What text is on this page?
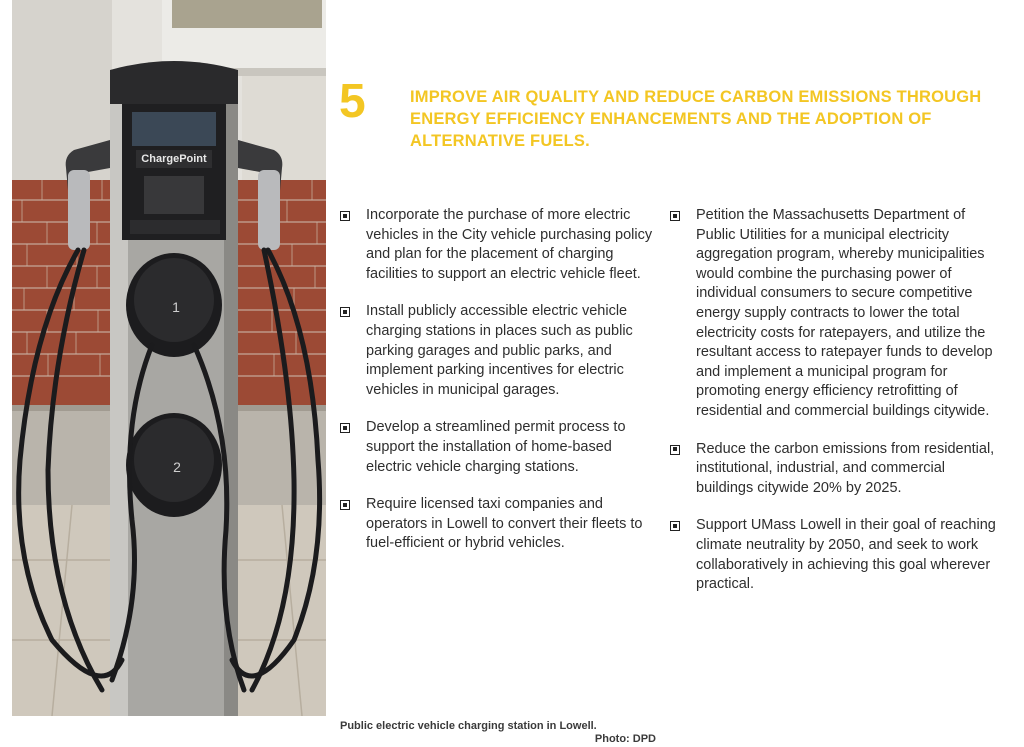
ChargePoint
1
2
Public electric vehicle charging station in Lowell.
Photo: DPD
5	IMPROVE AIR QUALITY AND REDUCE CARBON EMISSIONS THROUGH ENERGY EFFICIENCY ENHANCEMENTS AND THE ADOPTION OF ALTERNATIVE FUELS.
Incorporate the purchase of more electric vehicles in the City vehicle purchasing policy and plan for the placement of charging facilities to support an electric vehicle fleet.
Install publicly accessible electric vehicle charging stations in places such as public parking garages and public parks, and implement parking incentives for electric vehicles in municipal garages.
Develop a streamlined permit process to support the installation of home-based electric vehicle charging stations.
Require licensed taxi companies and operators in Lowell to convert their fleets to fuel-efficient or hybrid vehicles.
Petition the Massachusetts Department of Public Utilities for a municipal electricity aggregation program, whereby municipalities would combine the purchasing power of individual consumers to secure competitive energy supply contracts to lower the total electricity costs for ratepayers, and utilize the resultant access to ratepayer funds to develop and implement a municipal program for promoting energy efficiency retrofitting of residential and commercial buildings citywide.
Reduce the carbon emissions from residential, institutional, industrial, and commercial buildings citywide 20% by 2025.
Support UMass Lowell in their goal of reaching climate neutrality by 2050, and seek to work collaboratively in achieving this goal wherever practical.
